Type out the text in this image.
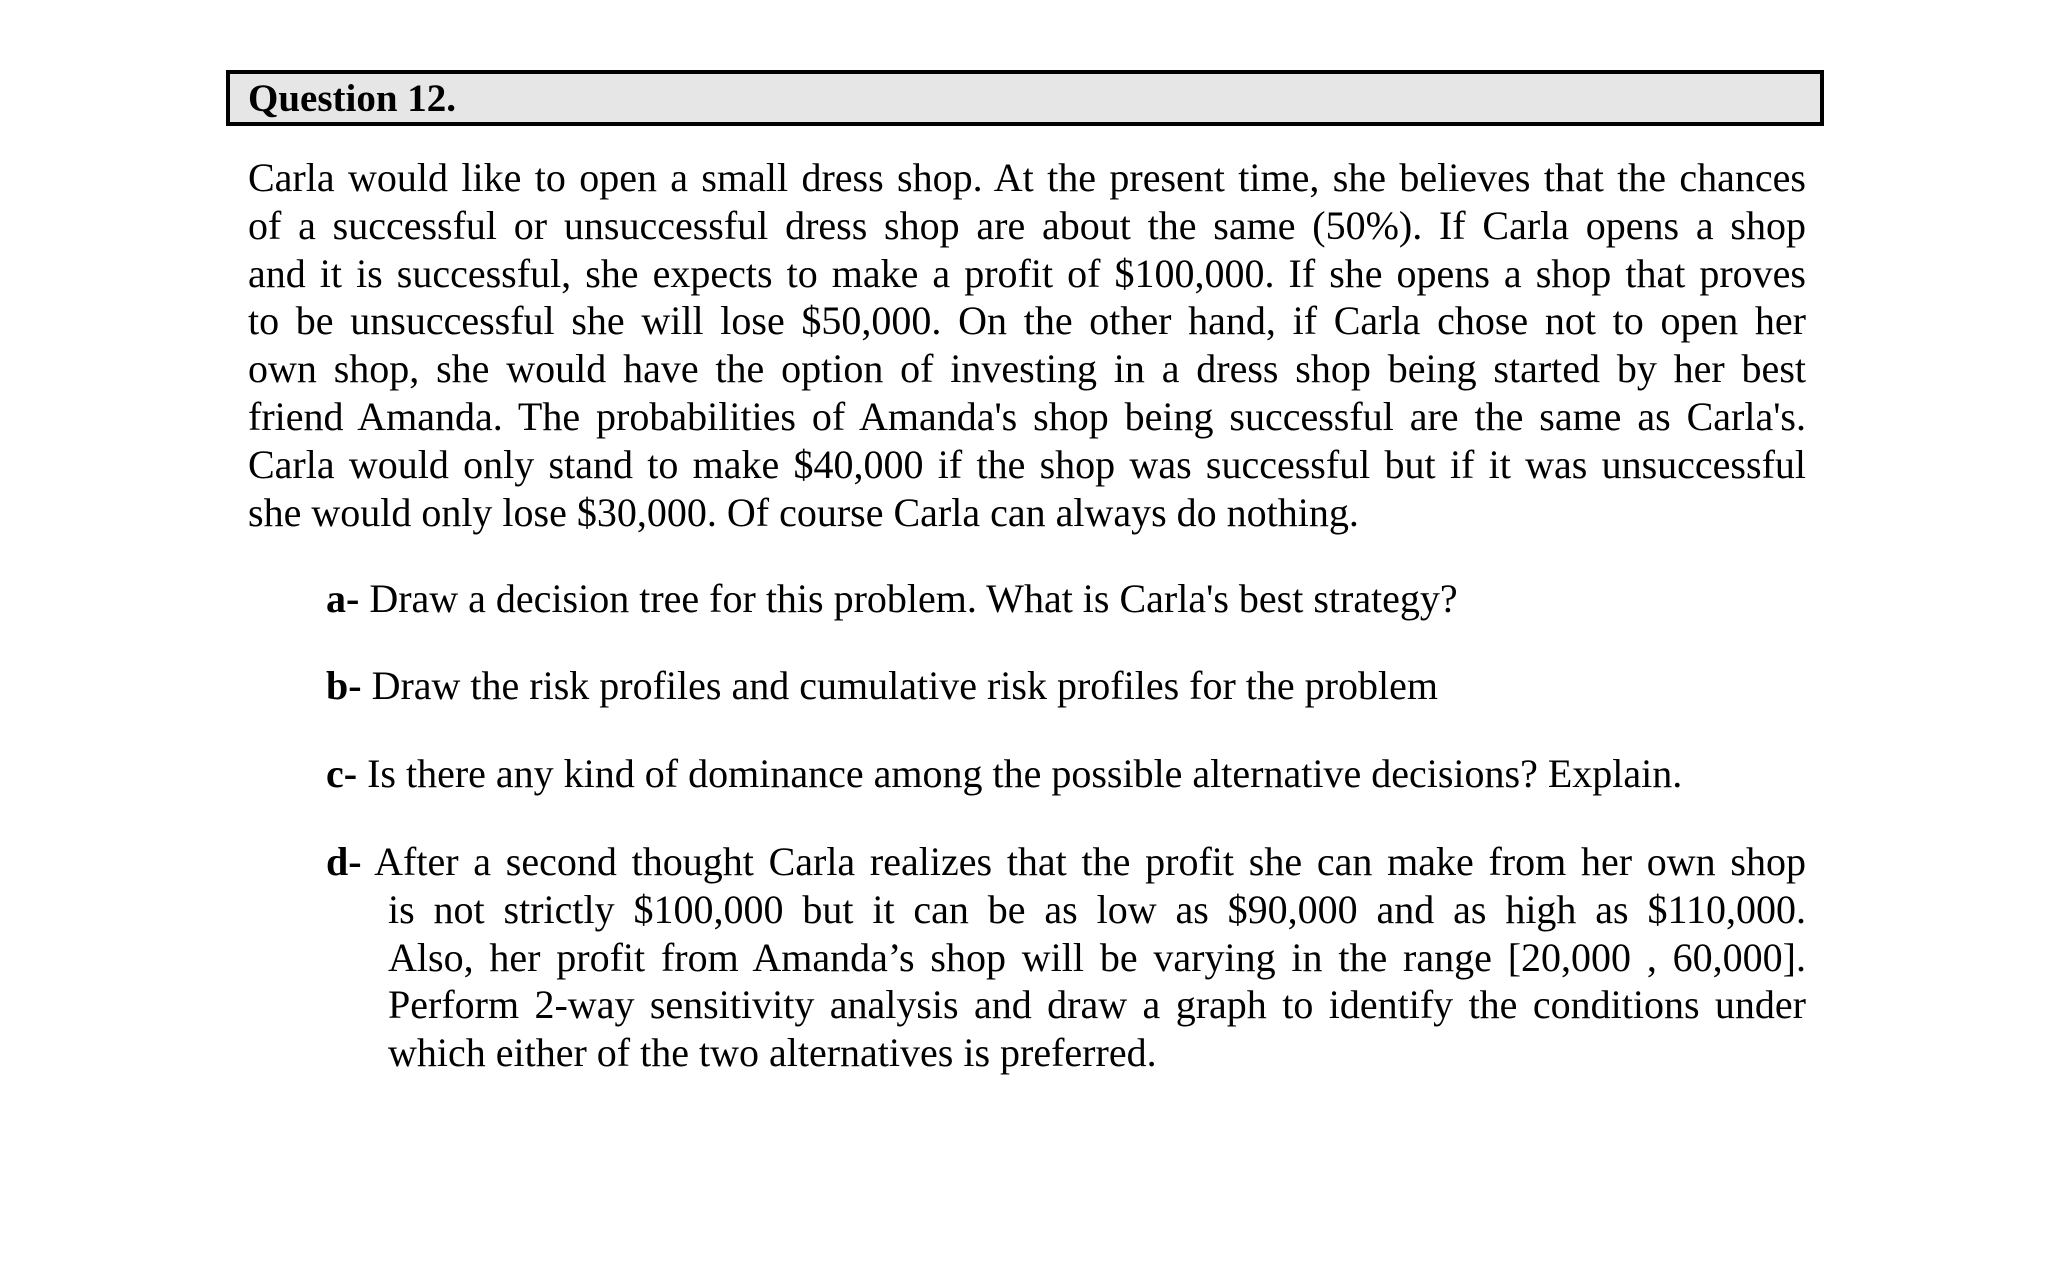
Question 12.
Carla would like to open a small dress shop. At the present time, she believes that the chances
of a successful or unsuccessful dress shop are about the same (50%). If Carla opens a shop
and it is successful, she expects to make a profit of $100,000. If she opens a shop that proves
to be unsuccessful she will lose $50,000. On the other hand, if Carla chose not to open her
own shop, she would have the option of investing in a dress shop being started by her best
friend Amanda. The probabilities of Amanda's shop being successful are the same as Carla's.
Carla would only stand to make $40,000 if the shop was successful but if it was unsuccessful
she would only lose $30,000. Of course Carla can always do nothing.

a- Draw a decision tree for this problem. What is Carla's best strategy?

b- Draw the risk profiles and cumulative risk profiles for the problem

c- Is there any kind of dominance among the possible alternative decisions? Explain.

d- After a second thought Carla realizes that the profit she can make from her own shop
is not strictly $100,000 but it can be as low as $90,000 and as high as $110,000.
Also, her profit from Amanda’s shop will be varying in the range [20,000 , 60,000].
Perform 2-way sensitivity analysis and draw a graph to identify the conditions under
which either of the two alternatives is preferred.
